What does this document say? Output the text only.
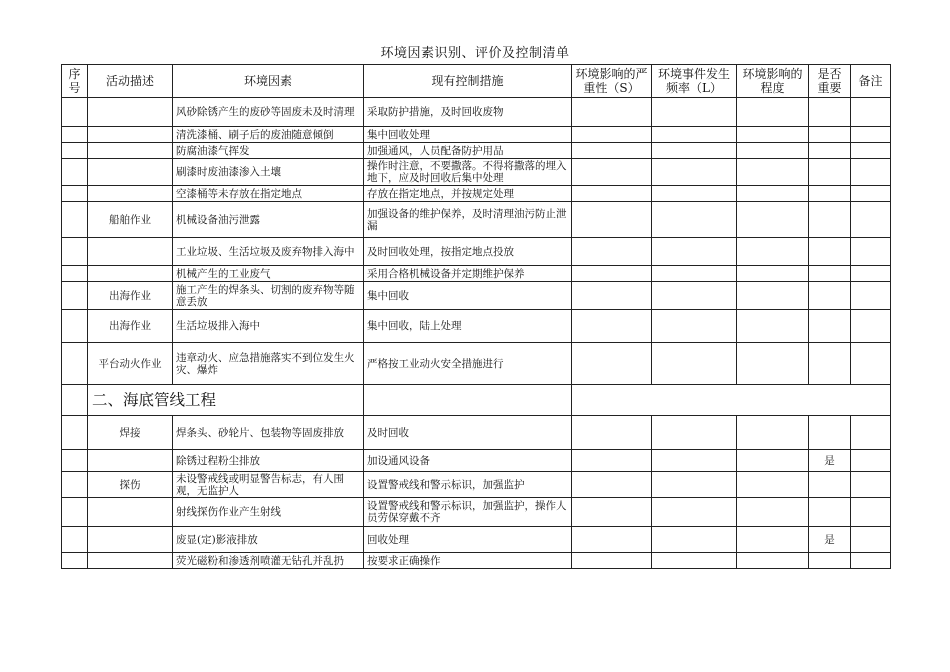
环境因素识别、评价及控制清单
序号	活动描述	环境因素	现有控制措施	环境影响的严重性（S）	环境事件发生频率（L）	环境影响的程度	是否重要	备注
		风砂除锈产生的废砂等固废未及时清理	采取防护措施，及时回收废物					
		清洗漆桶、刷子后的废油随意倾倒	集中回收处理					
		防腐油漆气挥发	加强通风，人员配备防护用品					
		刷漆时废油漆渗入土壤	操作时注意，不要撒落。不得将撒落的埋入地下，应及时回收后集中处理					
		空漆桶等未存放在指定地点	存放在指定地点，并按规定处理					
	船舶作业	机械设备油污泄露	加强设备的维护保养，及时清理油污防止泄漏					
		工业垃圾、生活垃圾及废弃物排入海中	及时回收处理，按指定地点投放					
		机械产生的工业废气	采用合格机械设备并定期维护保养					
	出海作业	施工产生的焊条头、切割的废弃物等随意丢放	集中回收					
	出海作业	生活垃圾排入海中	集中回收，陆上处理					
	平台动火作业	违章动火、应急措施落实不到位发生火灾、爆炸	严格按工业动火安全措施进行					
	二、海底管线工程							
	焊接	焊条头、砂轮片、包装物等固废排放	及时回收					
		除锈过程粉尘排放	加设通风设备				是	
	探伤	未设警戒线或明显警告标志，有人围观，无监护人	设置警戒线和警示标识，加强监护					
		射线探伤作业产生射线	设置警戒线和警示标识，加强监护，操作人员劳保穿戴不齐					
		废显(定)影液排放	回收处理				是	
		荧光磁粉和渗透剂喷灌无钻孔并乱扔	按要求正确操作					
